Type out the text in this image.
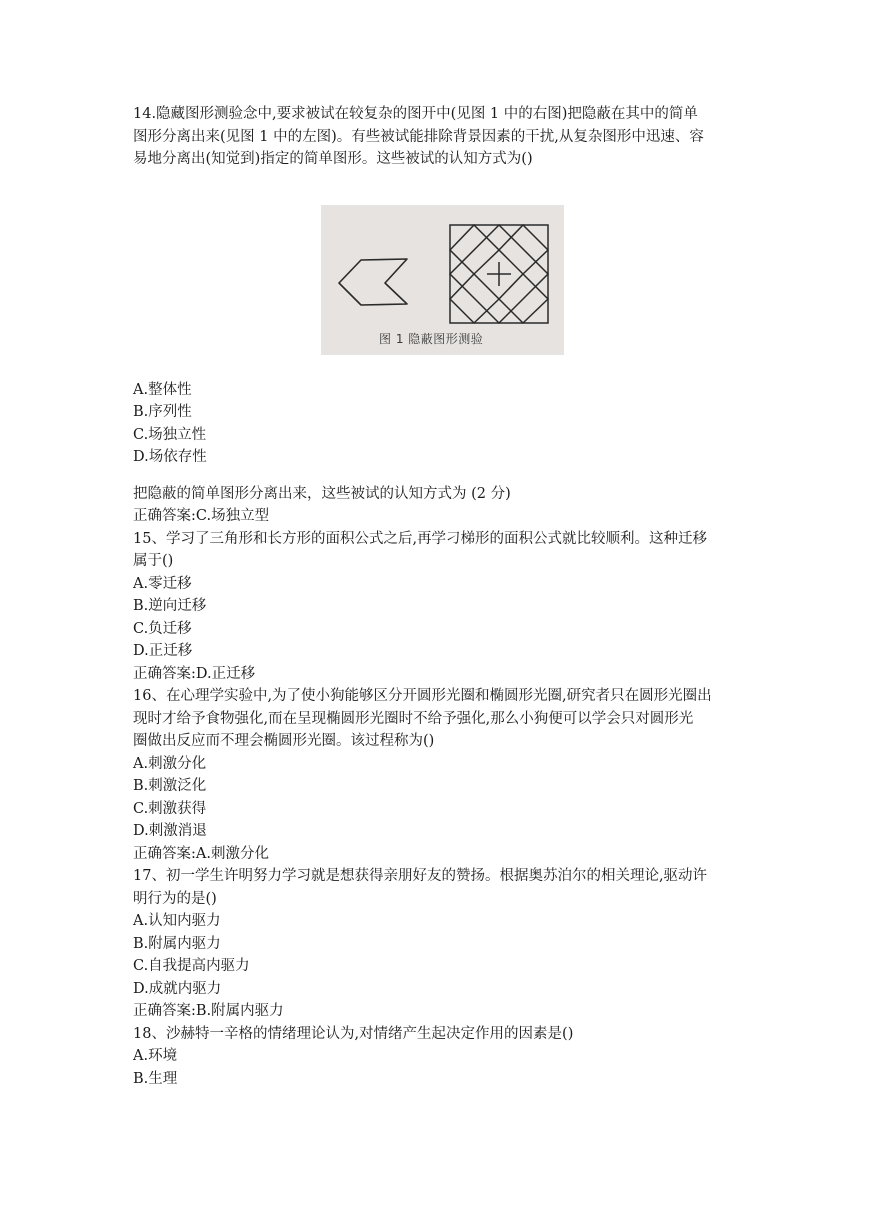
14.隐藏图形测验念中,要求被试在较复杂的图开中(见图 1 中的右图)把隐蔽在其中的简单

图形分离出来(见图 1 中的左图)。有些被试能排除背景因素的干扰,从复杂图形中迅速、容

易地分离出(知觉到)指定的简单图形。这些被试的认知方式为()

图 1 隐蔽图形测验

A.整体性

B.序列性

C.场独立性

D.场依存性

把隐蔽的简单图形分离出来，这些被试的认知方式为 (2 分)

正确答案:C.场独立型

15、学习了三角形和长方形的面积公式之后,再学刁梯形的面积公式就比较顺利。这种迁移

属于()

A.零迁移

B.逆向迁移

C.负迁移

D.正迁移

正确答案:D.正迁移

16、在心理学实验中,为了使小狗能够区分开圆形光圈和椭圆形光圈,研究者只在圆形光圈出

现时才给予食物强化,而在呈现椭圆形光圈时不给予强化,那么小狗便可以学会只对圆形光

圈做出反应而不理会椭圆形光圈。该过程称为()

A.刺激分化

B.刺激泛化

C.刺激获得

D.刺激消退

正确答案:A.刺激分化

17、初一学生许明努力学习就是想获得亲朋好友的赞扬。根据奥苏泊尔的相关理论,驱动许

明行为的是()

A.认知内驱力

B.附属内驱力

C.自我提高内驱力

D.成就内驱力

正确答案:B.附属内驱力

18、沙赫特一辛格的情绪理论认为,对情绪产生起决定作用的因素是()

A.环境

B.生理
